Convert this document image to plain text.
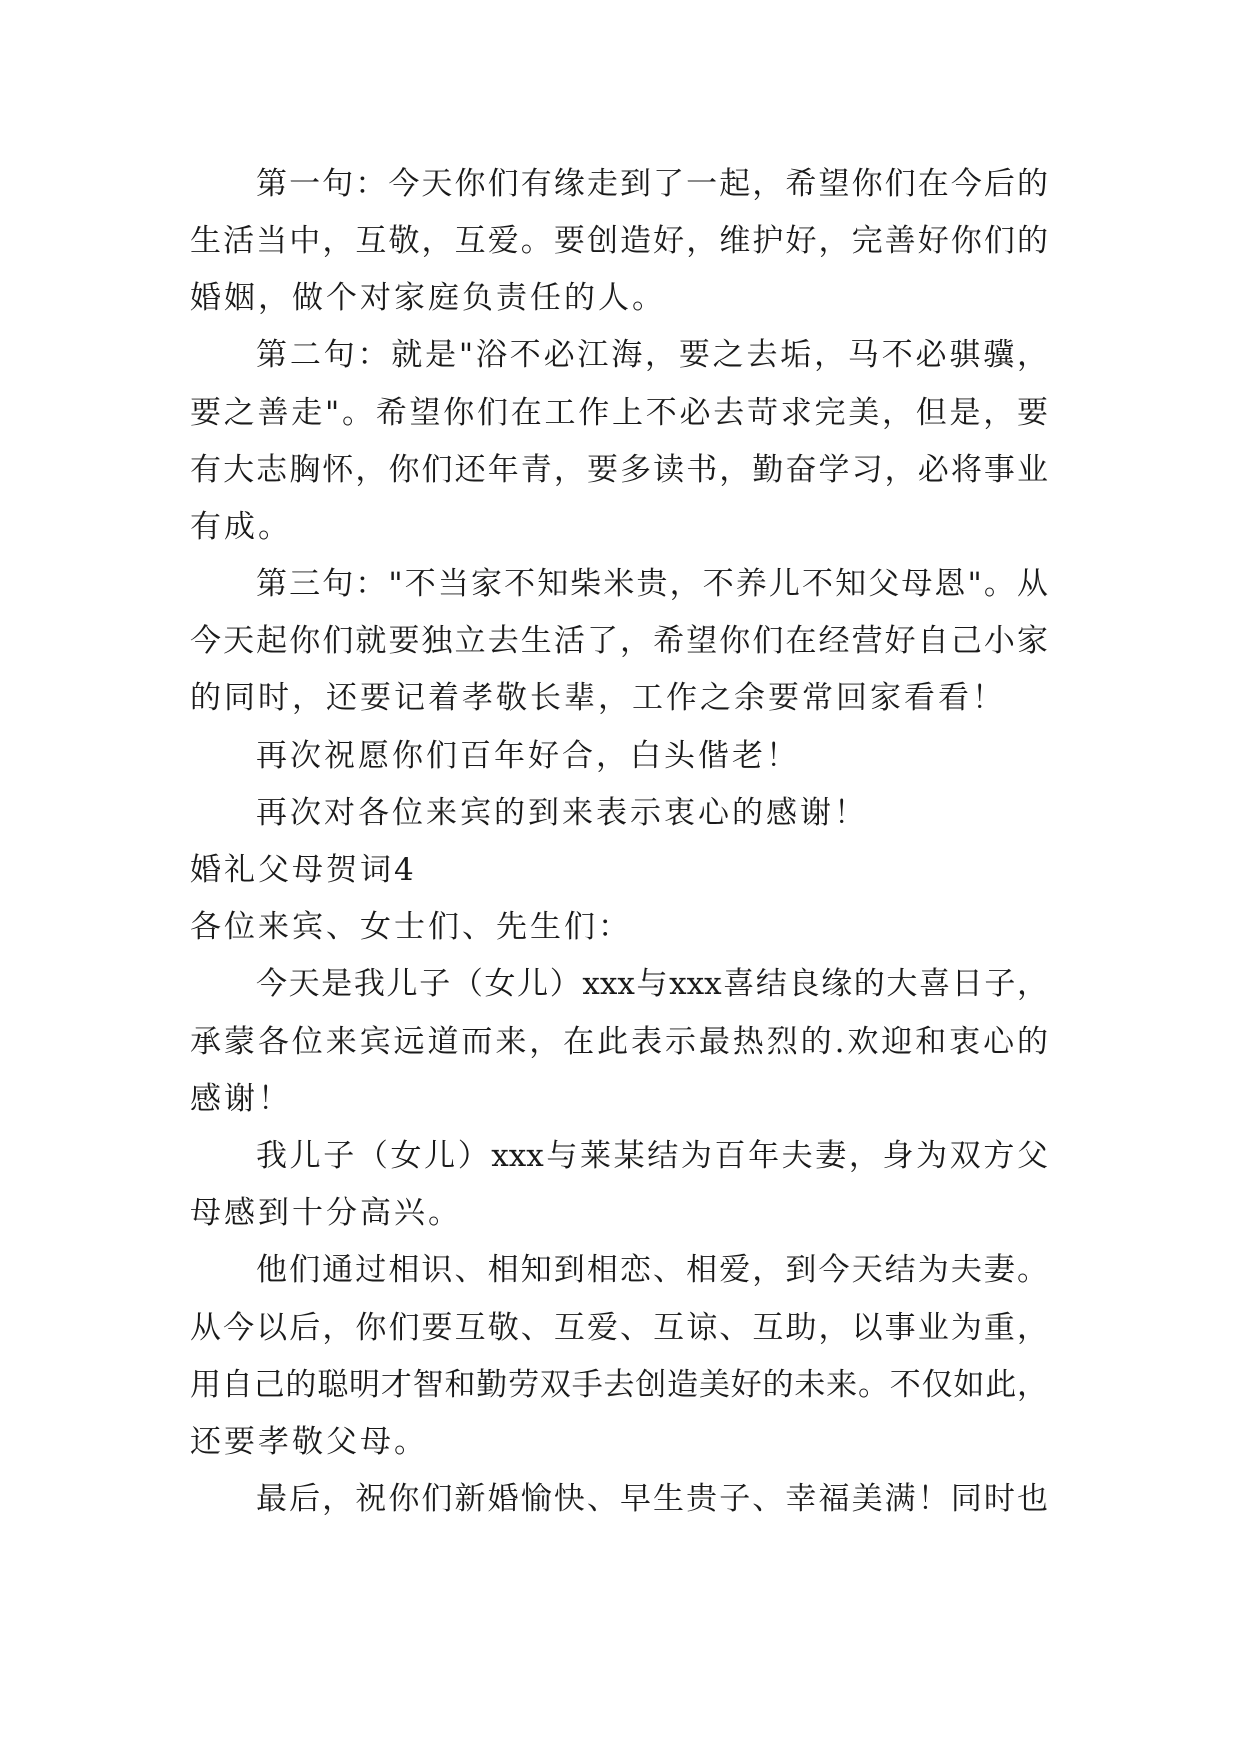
第一句：今天你们有缘走到了一起，希望你们在今后的
生活当中，互敬，互爱。要创造好，维护好，完善好你们的
婚姻，做个对家庭负责任的人。
第二句：就是"浴不必江海，要之去垢，马不必骐骥，
要之善走"。希望你们在工作上不必去苛求完美，但是，要
有大志胸怀，你们还年青，要多读书，勤奋学习，必将事业
有成。
第三句："不当家不知柴米贵，不养儿不知父母恩"。从
今天起你们就要独立去生活了，希望你们在经营好自己小家
的同时，还要记着孝敬长辈，工作之余要常回家看看！
再次祝愿你们百年好合，白头偕老！
再次对各位来宾的到来表示衷心的感谢！
婚礼父母贺词4
各位来宾、女士们、先生们：
今天是我儿子（女儿）xxx与xxx喜结良缘的大喜日子，
承蒙各位来宾远道而来，在此表示最热烈的.欢迎和衷心的
感谢！
我儿子（女儿）xxx与莱某结为百年夫妻，身为双方父
母感到十分高兴。
他们通过相识、相知到相恋、相爱，到今天结为夫妻。
从今以后，你们要互敬、互爱、互谅、互助，以事业为重，
用自己的聪明才智和勤劳双手去创造美好的未来。不仅如此，
还要孝敬父母。
最后，祝你们新婚愉快、早生贵子、幸福美满！同时也
